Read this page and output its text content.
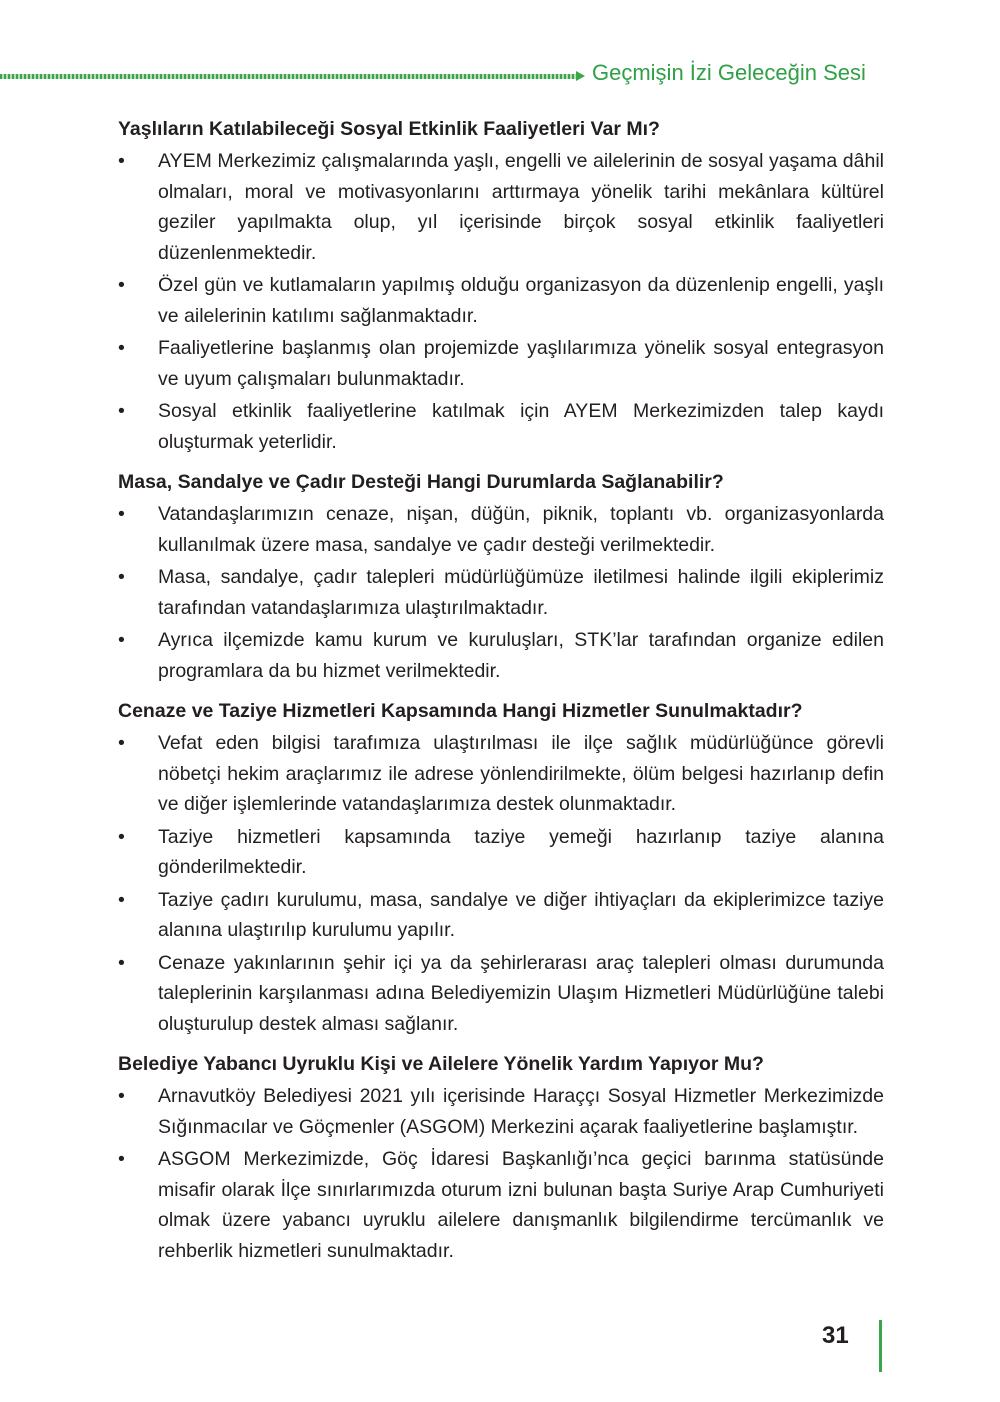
Geçmişin İzi Geleceğin Sesi
Yaşlıların Katılabileceği Sosyal Etkinlik Faaliyetleri Var Mı?
• AYEM Merkezimiz çalışmalarında yaşlı, engelli ve ailelerinin de sosyal yaşama dâhil olmaları, moral ve motivasyonlarını arttırmaya yönelik tarihi mekânlara kültürel geziler yapılmakta olup, yıl içerisinde birçok sosyal etkinlik faaliyetleri düzenlenmektedir.
• Özel gün ve kutlamaların yapılmış olduğu organizasyon da düzenlenip engelli, yaşlı ve ailelerinin katılımı sağlanmaktadır.
• Faaliyetlerine başlanmış olan projemizde yaşlılarımıza yönelik sosyal entegrasyon ve uyum çalışmaları bulunmaktadır.
• Sosyal etkinlik faaliyetlerine katılmak için AYEM Merkezimizden talep kaydı oluşturmak yeterlidir.
Masa, Sandalye ve Çadır Desteği Hangi Durumlarda Sağlanabilir?
• Vatandaşlarımızın cenaze, nişan, düğün, piknik, toplantı vb. organizasyonlarda kullanılmak üzere masa, sandalye ve çadır desteği verilmektedir.
• Masa, sandalye, çadır talepleri müdürlüğümüze iletilmesi halinde ilgili ekiplerimiz tarafından vatandaşlarımıza ulaştırılmaktadır.
• Ayrıca ilçemizde kamu kurum ve kuruluşları, STK’lar tarafından organize edilen programlara da bu hizmet verilmektedir.
Cenaze ve Taziye Hizmetleri Kapsamında Hangi Hizmetler Sunulmaktadır?
• Vefat eden bilgisi tarafımıza ulaştırılması ile ilçe sağlık müdürlüğünce görevli nöbetçi hekim araçlarımız ile adrese yönlendirilmekte, ölüm belgesi hazırlanıp defin ve diğer işlemlerinde vatandaşlarımıza destek olunmaktadır.
• Taziye hizmetleri kapsamında taziye yemeği hazırlanıp taziye alanına gönderilmektedir.
• Taziye çadırı kurulumu, masa, sandalye ve diğer ihtiyaçları da ekiplerimizce taziye alanına ulaştırılıp kurulumu yapılır.
• Cenaze yakınlarının şehir içi ya da şehirlerarası araç talepleri olması durumunda taleplerinin karşılanması adına Belediyemizin Ulaşım Hizmetleri Müdürlüğüne talebi oluşturulup destek alması sağlanır.
Belediye Yabancı Uyruklu Kişi ve Ailelere Yönelik Yardım Yapıyor Mu?
• Arnavutköy Belediyesi 2021 yılı içerisinde Haraççı Sosyal Hizmetler Merkezimizde Sığınmacılar ve Göçmenler (ASGOM) Merkezini açarak faaliyetlerine başlamıştır.
• ASGOM Merkezimizde, Göç İdaresi Başkanlığı’nca geçici barınma statüsünde misafir olarak İlçe sınırlarımızda oturum izni bulunan başta Suriye Arap Cumhuriyeti olmak üzere yabancı uyruklu ailelere danışmanlık bilgilendirme tercümanlık ve rehberlik hizmetleri sunulmaktadır.
31
